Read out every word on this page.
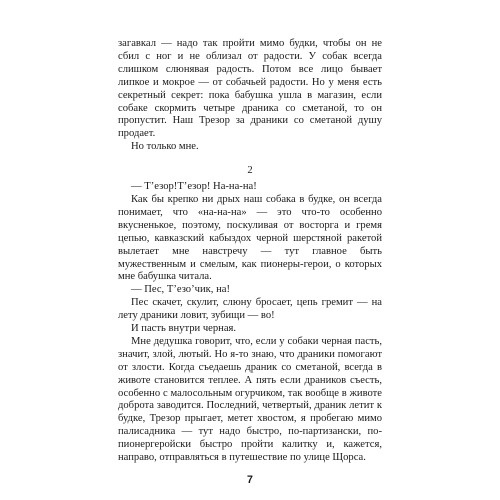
загавкал — надо так пройти мимо будки, чтобы он не сбил с ног и не облизал от радости. У собак всегда слишком слюнявая радость. Потом все лицо бывает липкое и мокрое — от собачьей радости. Но у меня есть секретный секрет: пока бабушка ушла в магазин, если собаке скормить четыре драника со сметаной, то он пропустит. Наш Трезор за драники со сметаной душу продает.

Но только мне.

2

— Т’езор!Т’езор! На-на-на!

Как бы крепко ни дрых наш собака в будке, он всегда понимает, что «на-на-на» — это что-то особенно вкусненькое, поэтому, поскуливая от восторга и гремя цепью, кавказский кабыздох черной шерстяной ракетой вылетает мне навстречу — тут главное быть мужественным и смелым, как пионеры-герои, о которых мне бабушка читала.

— Пес, Т’езо’чик, на!

Пес скачет, скулит, слюну бросает, цепь гремит — на лету драники ловит, зубищи — во!

И пасть внутри черная.

Мне дедушка говорит, что, если у собаки черная пасть, значит, злой, лютый. Но я-то знаю, что драники помогают от злости. Когда съедаешь драник со сметаной, всегда в животе становится теплее. А пять если драников съесть, особенно с малосольным огурчиком, так вообще в животе доброта заводится. Последний, четвертый, драник летит к будке, Трезор прыгает, метет хвостом, я пробегаю мимо палисадника — тут надо быстро, по-партизански, по-пионергеройски быстро пройти калитку и, кажется, направо, отправляться в путешествие по улице Щорса.

7
